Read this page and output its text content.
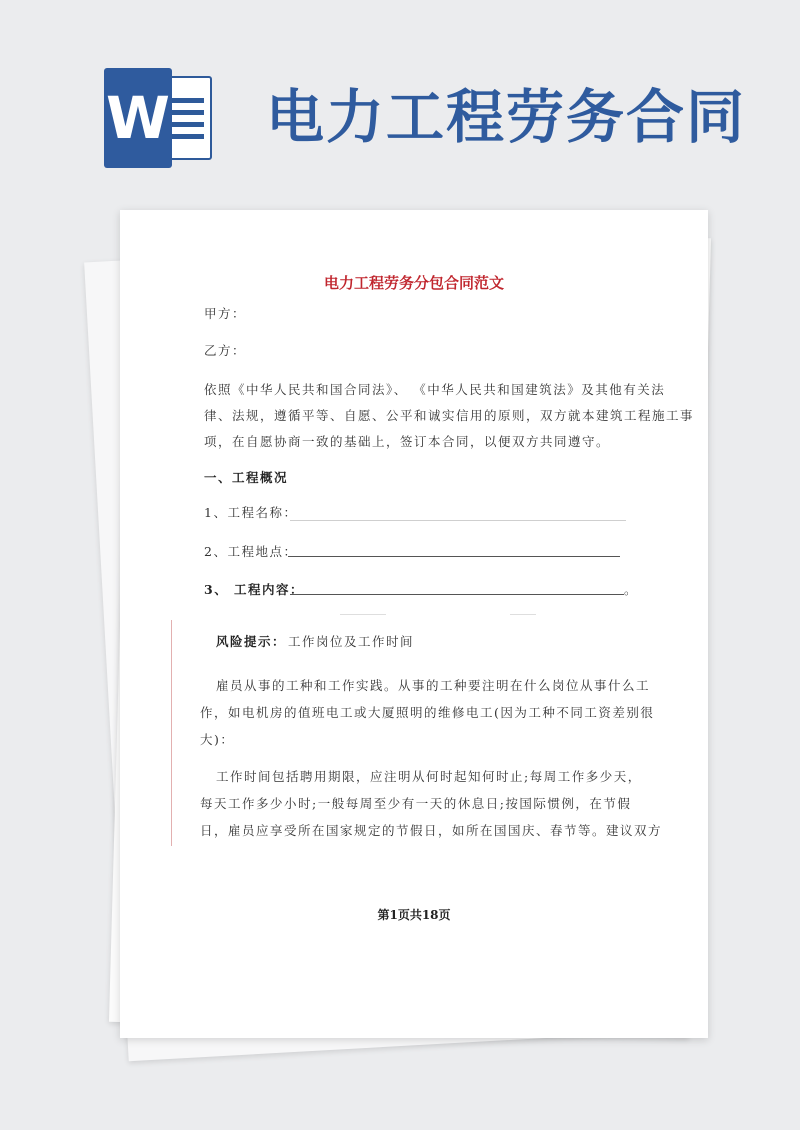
W 电力工程劳务合同
电力工程劳务分包合同范文
甲方：
乙方：
依照《中华人民共和国合同法》、 《中华人民共和国建筑法》及其他有关法
律、法规，遵循平等、自愿、公平和诚实信用的原则，双方就本建筑工程施工事
项，在自愿协商一致的基础上，签订本合同，以便双方共同遵守。
一、工程概况
1、工程名称：
2、工程地点：
3、 工程内容：	。
风险提示： 工作岗位及工作时间
雇员从事的工种和工作实践。从事的工种要注明在什么岗位从事什么工
作，如电机房的值班电工或大厦照明的维修电工(因为工种不同工资差别很
大)：
工作时间包括聘用期限，应注明从何时起知何时止;每周工作多少天，
每天工作多少小时;一般每周至少有一天的休息日;按国际惯例，在节假
日，雇员应享受所在国家规定的节假日，如所在国国庆、春节等。建议双方
第1页共18页
